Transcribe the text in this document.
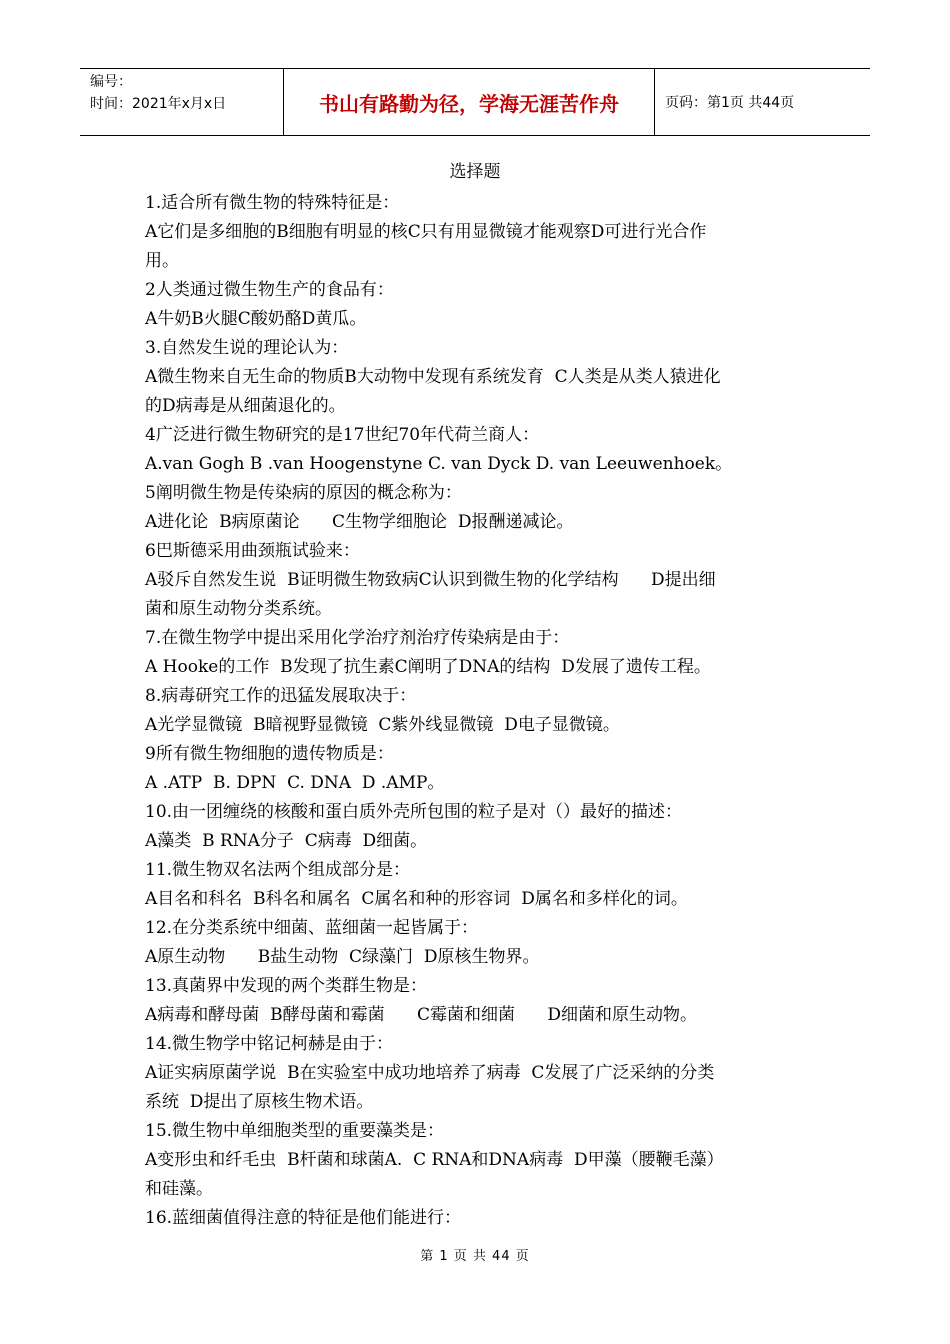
编号：
时间：2021年x月x日	书山有路勤为径，学海无涯苦作舟	页码：第1页 共44页
选择题
1.适合所有微生物的特殊特征是：
A它们是多细胞的B细胞有明显的核C只有用显微镜才能观察D可进行光合作
用。
2人类通过微生物生产的食品有：
A牛奶B火腿C酸奶酪D黄瓜。
3.自然发生说的理论认为：
A微生物来自无生命的物质B大动物中发现有系统发育  C人类是从类人猿进化
的D病毒是从细菌退化的。
4广泛进行微生物研究的是17世纪70年代荷兰商人：
A.van Gogh B .van Hoogenstyne C. van Dyck D. van Leeuwenhoek。
5阐明微生物是传染病的原因的概念称为：
A进化论  B病原菌论      C生物学细胞论  D报酬递减论。
6巴斯德采用曲颈瓶试验来：
A驳斥自然发生说  B证明微生物致病C认识到微生物的化学结构      D提出细
菌和原生动物分类系统。
7.在微生物学中提出采用化学治疗剂治疗传染病是由于：
A Hooke的工作  B发现了抗生素C阐明了DNA的结构  D发展了遗传工程。
8.病毒研究工作的迅猛发展取决于：
A光学显微镜  B暗视野显微镜  C紫外线显微镜  D电子显微镜。
9所有微生物细胞的遗传物质是：
A .ATP  B. DPN  C. DNA  D .AMP。
10.由一团缠绕的核酸和蛋白质外壳所包围的粒子是对（）最好的描述：
A藻类  B RNA分子  C病毒  D细菌。
11.微生物双名法两个组成部分是：
A目名和科名  B科名和属名  C属名和种的形容词  D属名和多样化的词。
12.在分类系统中细菌、蓝细菌一起皆属于：
A原生动物      B盐生动物  C绿藻门  D原核生物界。
13.真菌界中发现的两个类群生物是：
A病毒和酵母菌  B酵母菌和霉菌      C霉菌和细菌      D细菌和原生动物。
14.微生物学中铭记柯赫是由于：
A证实病原菌学说  B在实验室中成功地培养了病毒  C发展了广泛采纳的分类
系统  D提出了原核生物术语。
15.微生物中单细胞类型的重要藻类是：
A变形虫和纤毛虫  B杆菌和球菌A.  C RNA和DNA病毒  D甲藻（腰鞭毛藻）
和硅藻。
16.蓝细菌值得注意的特征是他们能进行：
第 1 页 共 44 页
